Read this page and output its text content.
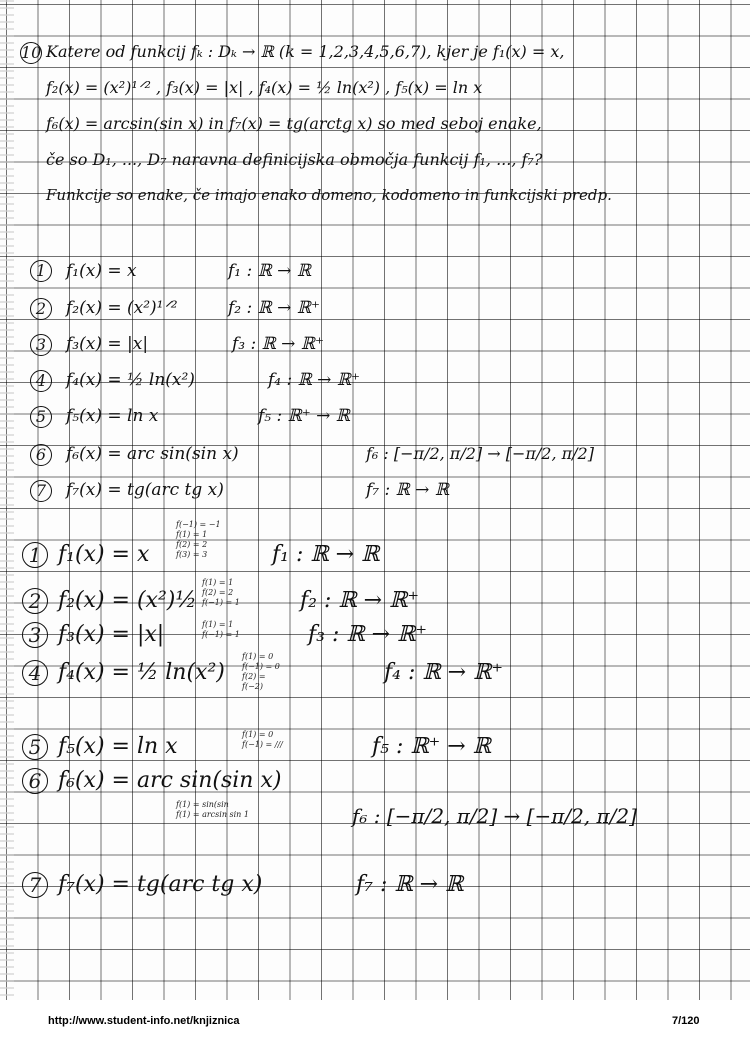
10 Katere od funkcij fₖ : Dₖ → ℝ (k = 1,2,3,4,5,6,7), kjer je f₁(x) = x,
f₂(x) = (x²)¹ᐟ² , f₃(x) = |x| , f₄(x) = ½ ln(x²) , f₅(x) = ln x
f₆(x) = arcsin(sin x) in f₇(x) = tg(arctg x) so med seboj enake,
če so D₁, ..., D₇ naravna definicijska območja funkcij f₁, ..., f₇?
Funkcije so enake, če imajo enako domeno, kodomeno in funkcijski predp.
1	f₁(x) = x	f₁ : ℝ → ℝ
2	f₂(x) = (x²)¹ᐟ²	f₂ : ℝ → ℝ⁺
3	f₃(x) = |x|	f₃ : ℝ → ℝ⁺
4	f₄(x) = ½ ln(x²)	f₄ : ℝ → ℝ⁺
5	f₅(x) = ln x	f₅ : ℝ⁺ → ℝ
6	f₆(x) = arc sin(sin x)	f₆ : [−π/2, π/2] → [−π/2, π/2]
7	f₇(x) = tg(arc tg x)	f₇ : ℝ → ℝ
1 f₁(x) = x
f(−1) = −1
f(1) = 1
f(2) = 2
f(3) = 3	f₁ : ℝ → ℝ
2 f₂(x) = (x²)½
f(1) = 1
f(2) = 2
f(−1) = 1	f₂ : ℝ → ℝ⁺
3 f₃(x) = |x|	f(1) = 1
f(−1) = 1	f₃ : ℝ → ℝ⁺
4 f₄(x) = ½ ln(x²)
f(1) = 0
f(−1) = 0
f(2) =
f(−2)
f₄ : ℝ → ℝ⁺
5 f₅(x) = ln x	f(1) = 0
f(−1) = ///	f₅ : ℝ⁺ → ℝ
6 f₆(x) = arc sin(sin x)
f(1) = sin(sin
f(1) = arcsin sin 1	f₆ : [−π/2, π/2] → [−π/2, π/2]
7 f₇(x) = tg(arc tg x)	f₇ : ℝ → ℝ
http://www.student-info.net/knjiznica	7/120
